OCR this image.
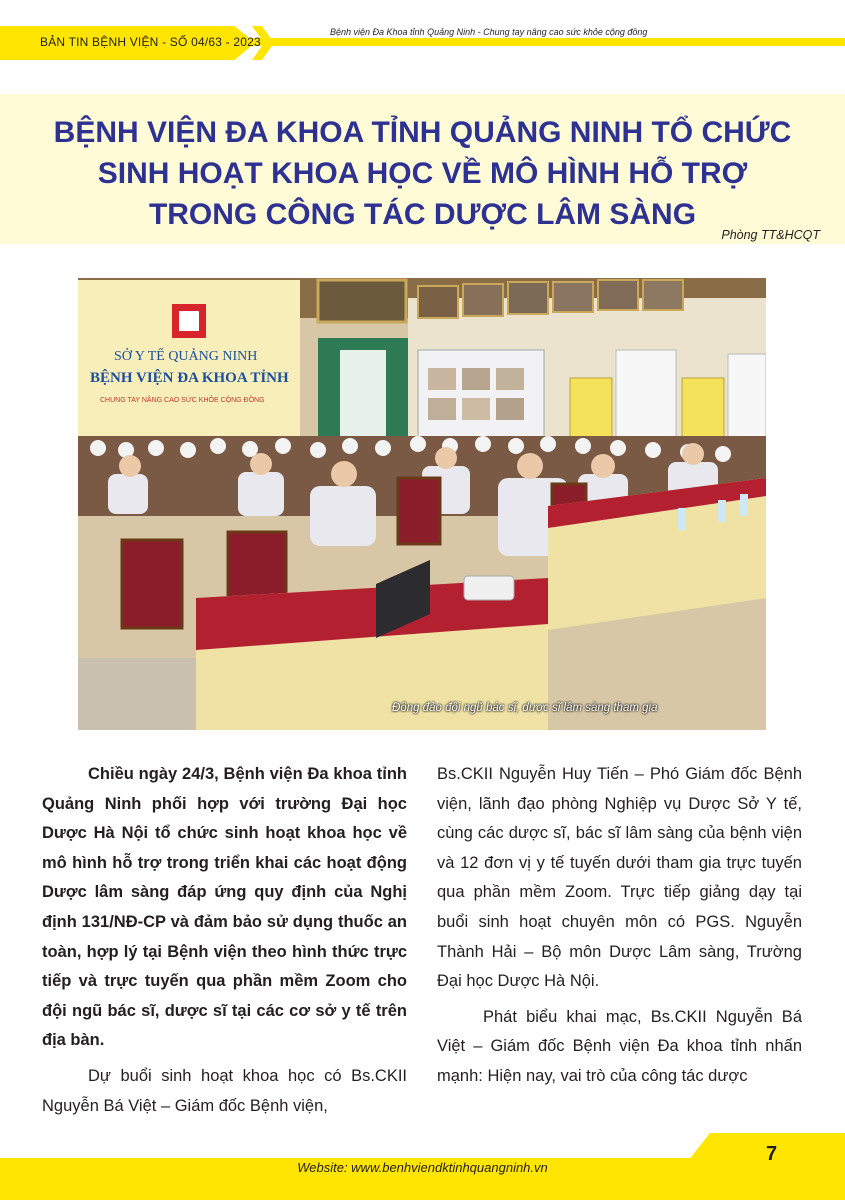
BẢN TIN BỆNH VIỆN - SỐ 04/63 - 2023
Bệnh viện Đa Khoa tỉnh Quảng Ninh - Chung tay nâng cao sức khỏe cộng đồng
BỆNH VIỆN ĐA KHOA TỈNH QUẢNG NINH TỔ CHỨC
SINH HOẠT KHOA HỌC VỀ MÔ HÌNH HỖ TRỢ
TRONG CÔNG TÁC DƯỢC LÂM SÀNG
Phòng TT&HCQT
SỞ Y TẾ QUẢNG NINH
BỆNH VIỆN ĐA KHOA TỈNH
CHUNG TAY NÂNG CAO SỨC KHỎE CỘNG ĐỒNG
Đông đảo đội ngũ bác sĩ, dược sĩ lâm sàng tham gia

Chiều ngày 24/3, Bệnh viện Đa khoa tỉnh Quảng Ninh phối hợp với trường Đại học Dược Hà Nội tổ chức sinh hoạt khoa học về mô hình hỗ trợ trong triển khai các hoạt động Dược lâm sàng đáp ứng quy định của Nghị định 131/NĐ-CP và đảm bảo sử dụng thuốc an toàn, hợp lý tại Bệnh viện theo hình thức trực tiếp và trực tuyến qua phần mềm Zoom cho đội ngũ bác sĩ, dược sĩ tại các cơ sở y tế trên địa bàn.

Dự buổi sinh hoạt khoa học có Bs.CKII Nguyễn Bá Việt – Giám đốc Bệnh viện,

Bs.CKII Nguyễn Huy Tiến – Phó Giám đốc Bệnh viện, lãnh đạo phòng Nghiệp vụ Dược Sở Y tế, cùng các dược sĩ, bác sĩ lâm sàng của bệnh viện và 12 đơn vị y tế tuyến dưới tham gia trực tuyến qua phần mềm Zoom. Trực tiếp giảng dạy tại buổi sinh hoạt chuyên môn có PGS. Nguyễn Thành Hải – Bộ môn Dược Lâm sàng, Trường Đại học Dược Hà Nội.

Phát biểu khai mạc, Bs.CKII Nguyễn Bá Việt – Giám đốc Bệnh viện Đa khoa tỉnh nhấn mạnh: Hiện nay, vai trò của công tác dược

Website: www.benhviendktinhquangninh.vn
7
